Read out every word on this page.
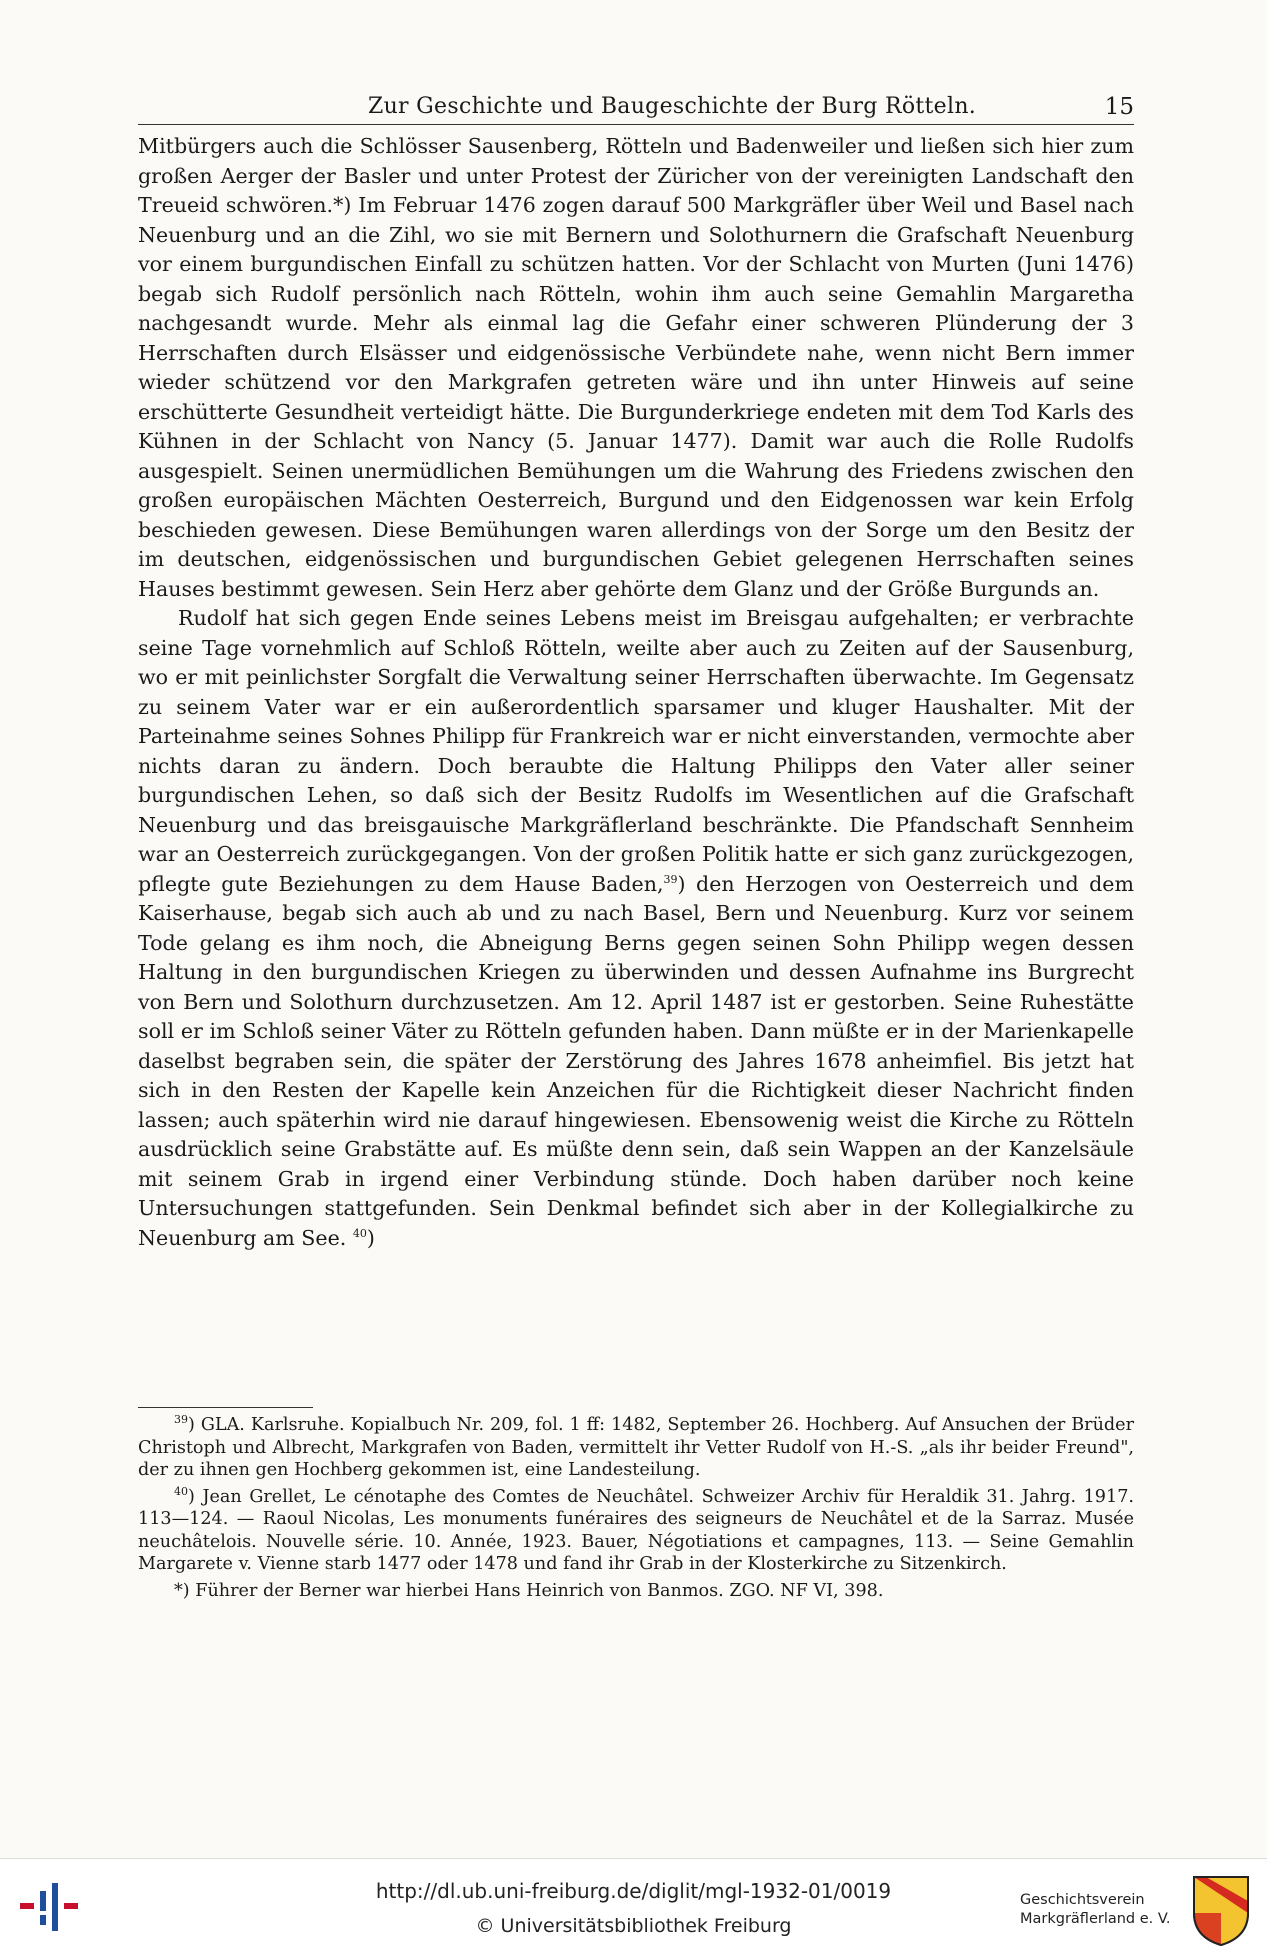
Zur Geschichte und Baugeschichte der Burg Rötteln.	15

Mitbürgers auch die Schlösser Sausenberg, Rötteln und Badenweiler und ließen sich hier zum großen Aerger der Basler und unter Protest der Züricher von der vereinigten Landschaft den Treueid schwören.*) Im Februar 1476 zogen darauf 500 Markgräfler über Weil und Basel nach Neuenburg und an die Zihl, wo sie mit Bernern und Solothurnern die Grafschaft Neuenburg vor einem burgundischen Einfall zu schützen hatten. Vor der Schlacht von Murten (Juni 1476) begab sich Rudolf persönlich nach Rötteln, wohin ihm auch seine Gemahlin Margaretha nachgesandt wurde. Mehr als einmal lag die Gefahr einer schweren Plünderung der 3 Herrschaften durch Elsässer und eidgenössische Verbündete nahe, wenn nicht Bern immer wieder schützend vor den Markgrafen getreten wäre und ihn unter Hinweis auf seine erschütterte Gesundheit verteidigt hätte. Die Burgunderkriege endeten mit dem Tod Karls des Kühnen in der Schlacht von Nancy (5. Januar 1477). Damit war auch die Rolle Rudolfs ausgespielt. Seinen unermüdlichen Bemühungen um die Wahrung des Friedens zwischen den großen europäischen Mächten Oesterreich, Burgund und den Eidgenossen war kein Erfolg beschieden gewesen. Diese Bemühungen waren allerdings von der Sorge um den Besitz der im deutschen, eidgenössischen und burgundischen Gebiet gelegenen Herrschaften seines Hauses bestimmt gewesen. Sein Herz aber gehörte dem Glanz und der Größe Burgunds an.

Rudolf hat sich gegen Ende seines Lebens meist im Breisgau aufgehalten; er verbrachte seine Tage vornehmlich auf Schloß Rötteln, weilte aber auch zu Zeiten auf der Sausenburg, wo er mit peinlichster Sorgfalt die Verwaltung seiner Herrschaften überwachte. Im Gegensatz zu seinem Vater war er ein außerordentlich sparsamer und kluger Haushalter. Mit der Parteinahme seines Sohnes Philipp für Frankreich war er nicht einverstanden, vermochte aber nichts daran zu ändern. Doch beraubte die Haltung Philipps den Vater aller seiner burgundischen Lehen, so daß sich der Besitz Rudolfs im Wesentlichen auf die Grafschaft Neuenburg und das breisgauische Markgräflerland beschränkte. Die Pfandschaft Sennheim war an Oesterreich zurückgegangen. Von der großen Politik hatte er sich ganz zurückgezogen, pflegte gute Beziehungen zu dem Hause Baden,$^{39}$) den Herzogen von Oesterreich und dem Kaiserhause, begab sich auch ab und zu nach Basel, Bern und Neuenburg. Kurz vor seinem Tode gelang es ihm noch, die Abneigung Berns gegen seinen Sohn Philipp wegen dessen Haltung in den burgundischen Kriegen zu überwinden und dessen Aufnahme ins Burgrecht von Bern und Solothurn durchzusetzen. Am 12. April 1487 ist er gestorben. Seine Ruhestätte soll er im Schloß seiner Väter zu Rötteln gefunden haben. Dann müßte er in der Marienkapelle daselbst begraben sein, die später der Zerstörung des Jahres 1678 anheimfiel. Bis jetzt hat sich in den Resten der Kapelle kein Anzeichen für die Richtigkeit dieser Nachricht finden lassen; auch späterhin wird nie darauf hingewiesen. Ebensowenig weist die Kirche zu Rötteln ausdrücklich seine Grabstätte auf. Es müßte denn sein, daß sein Wappen an der Kanzelsäule mit seinem Grab in irgend einer Verbindung stünde. Doch haben darüber noch keine Untersuchungen stattgefunden. Sein Denkmal befindet sich aber in der Kollegialkirche zu Neuenburg am See. $^{40}$)

$^{39}$) GLA. Karlsruhe. Kopialbuch Nr. 209, fol. 1 ff: 1482, September 26. Hochberg. Auf Ansuchen der Brüder Christoph und Albrecht, Markgrafen von Baden, vermittelt ihr Vetter Rudolf von H.-S. „als ihr beider Freund", der zu ihnen gen Hochberg gekommen ist, eine Landesteilung.

$^{40}$) Jean Grellet, Le cénotaphe des Comtes de Neuchâtel. Schweizer Archiv für Heraldik 31. Jahrg. 1917. 113—124. — Raoul Nicolas, Les monuments funéraires des seigneurs de Neuchâtel et de la Sarraz. Musée neuchâtelois. Nouvelle série. 10. Année, 1923. Bauer, Négotiations et campagnes, 113. — Seine Gemahlin Margarete v. Vienne starb 1477 oder 1478 und fand ihr Grab in der Klosterkirche zu Sitzenkirch.

*) Führer der Berner war hierbei Hans Heinrich von Banmos. ZGO. NF VI, 398.

http://dl.ub.uni-freiburg.de/diglit/mgl-1932-01/0019
© Universitätsbibliothek Freiburg
Geschichtsverein
Markgräflerland e. V.
